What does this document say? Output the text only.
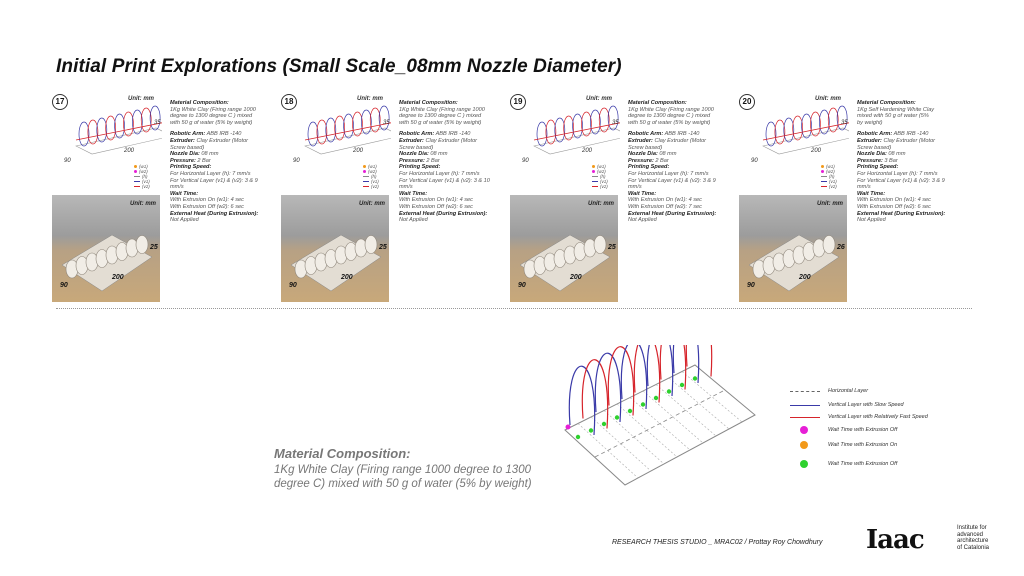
Initial Print Explorations (Small Scale_08mm Nozzle Diameter)
90
200
35
17	Unit: mm
(w1)
(w2)
(h)
(v1)
(v2)
90
200
25
Unit: mm
Material Composition:
1Kg White Clay (Firing range 1000
degree to 1300 degree C ) mixed
with 50 g of water (5% by weight)
Robotic Arm: ABB IRB -140
Extruder: Clay Extruder (Motor
Screw based)
Nozzle Dia: 08 mm
Pressure: 2 Bar
Printing Speed:
For Horizontal Layer (h): 7 mm/s
For Vertical Layer (v1) & (v2): 3 & 9
mm/s
Wait Time:
With Extrusion On (w1): 4 sec
With Extrusion Off (w2): 6 sec
External Heat (During Extrusion):
Not Applied
90
200
35
18	Unit: mm
(w1)
(w2)
(h)
(v1)
(v2)
90
200
25
Unit: mm
Material Composition:
1Kg White Clay (Firing range 1000
degree to 1300 degree C ) mixed
with 50 g of water (5% by weight)
Robotic Arm: ABB IRB -140
Extruder: Clay Extruder (Motor
Screw based)
Nozzle Dia: 08 mm
Pressure: 2 Bar
Printing Speed:
For Horizontal Layer (h): 7 mm/s
For Vertical Layer (v1) & (v2): 3 & 10
mm/s
Wait Time:
With Extrusion On (w1): 4 sec
With Extrusion Off (w2): 6 sec
External Heat (During Extrusion):
Not Applied
90
200
35
19	Unit: mm
(w1)
(w2)
(h)
(v1)
(v2)
90
200
25
Unit: mm
Material Composition:
1Kg White Clay (Firing range 1000
degree to 1300 degree C ) mixed
with 50 g of water (5% by weight)
Robotic Arm: ABB IRB -140
Extruder: Clay Extruder (Motor
Screw based)
Nozzle Dia: 08 mm
Pressure: 2 Bar
Printing Speed:
For Horizontal Layer (h): 7 mm/s
For Vertical Layer (v1) & (v2): 3 & 9
mm/s
Wait Time:
With Extrusion On (w1): 4 sec
With Extrusion Off (w2): 7 sec
External Heat (During Extrusion):
Not Applied
90
200
35
20	Unit: mm
(w1)
(w2)
(h)
(v1)
(v2)
90
200
26
Unit: mm
Material Composition:
1Kg Self Hardening White Clay
mixed with 50 g of water (5%
by weight)
Robotic Arm: ABB IRB -140
Extruder: Clay Extruder (Motor
Screw based)
Nozzle Dia: 08 mm
Pressure: 3 Bar
Printing Speed:
For Horizontal Layer (h): 7 mm/s
For Vertical Layer (v1) & (v2): 3 & 9
mm/s
Wait Time:
With Extrusion On (w1): 4 sec
With Extrusion Off (w2): 6 sec
External Heat (During Extrusion):
Not Applied
Material Composition:
1Kg White Clay (Firing range 1000 degree to 1300
degree C) mixed with 50 g of water (5% by weight)
Horizontal Layer
Vertical Layer with Slow Speed
Vertical Layer with Relatively Fast Speed
Wait Time with Extrusion Off
Wait Time with Extrusion On
Wait Time with Extrusion Off
RESEARCH THESIS STUDIO _ MRAC02 / Prottay Roy Chowdhury Iaac	Institute for
advanced
architecture
of Catalonia
